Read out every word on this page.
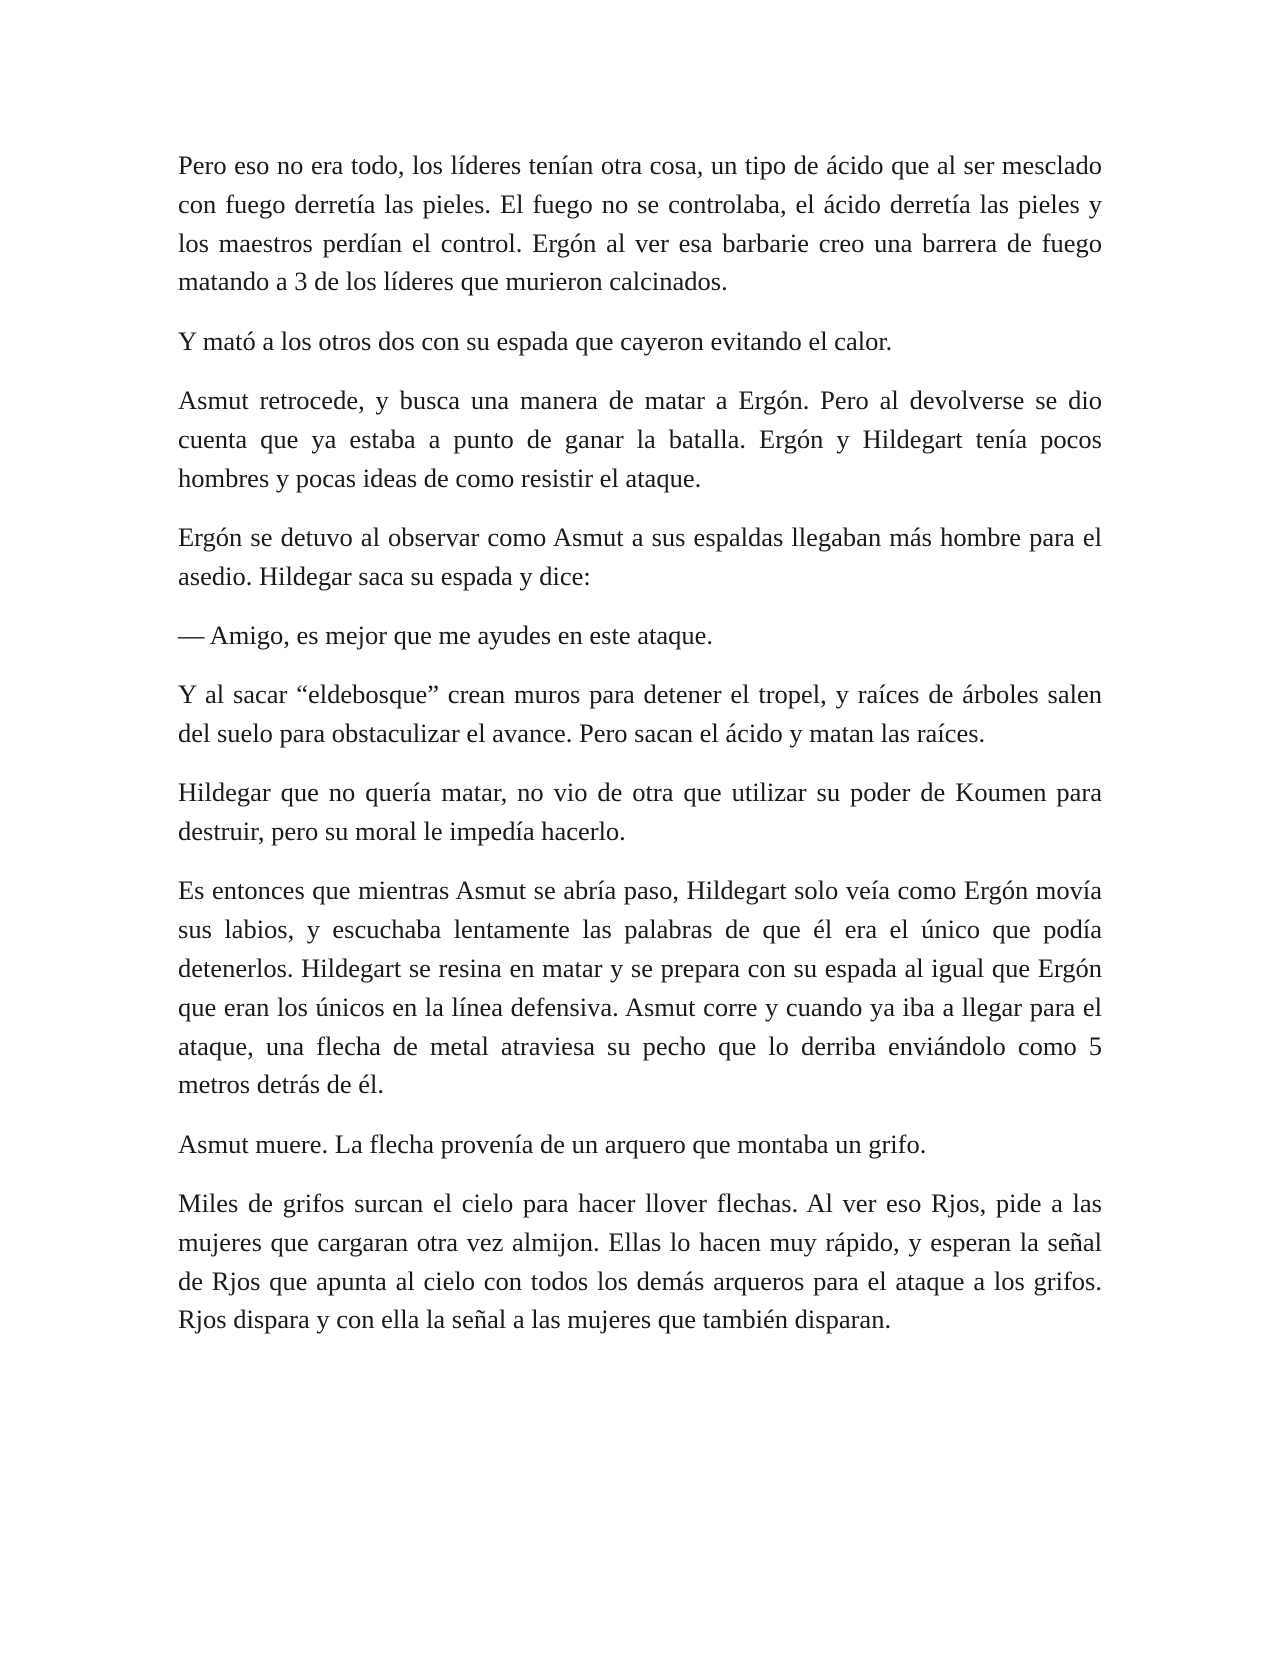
Pero eso no era todo, los líderes tenían otra cosa, un tipo de ácido que al ser mesclado con fuego derretía las pieles. El fuego no se controlaba, el ácido derretía las pieles y los maestros perdían el control. Ergón al ver esa barbarie creo una barrera de fuego matando a 3 de los líderes que murieron calcinados.

Y mató a los otros dos con su espada que cayeron evitando el calor.

Asmut retrocede, y busca una manera de matar a Ergón. Pero al devolverse se dio cuenta que ya estaba a punto de ganar la batalla. Ergón y Hildegart tenía pocos hombres y pocas ideas de como resistir el ataque.

Ergón se detuvo al observar como Asmut a sus espaldas llegaban más hombre para el asedio. Hildegar saca su espada y dice:

— Amigo, es mejor que me ayudes en este ataque.

Y al sacar “eldebosque” crean muros para detener el tropel, y raíces de árboles salen del suelo para obstaculizar el avance. Pero sacan el ácido y matan las raíces.

Hildegar que no quería matar, no vio de otra que utilizar su poder de Koumen para destruir, pero su moral le impedía hacerlo.

Es entonces que mientras Asmut se abría paso, Hildegart solo veía como Ergón movía sus labios, y escuchaba lentamente las palabras de que él era el único que podía detenerlos. Hildegart se resina en matar y se prepara con su espada al igual que Ergón que eran los únicos en la línea defensiva. Asmut corre y cuando ya iba a llegar para el ataque, una flecha de metal atraviesa su pecho que lo derriba enviándolo como 5 metros detrás de él.

Asmut muere. La flecha provenía de un arquero que montaba un grifo.

Miles de grifos surcan el cielo para hacer llover flechas. Al ver eso Rjos, pide a las mujeres que cargaran otra vez almijon. Ellas lo hacen muy rápido, y esperan la señal de Rjos que apunta al cielo con todos los demás arqueros para el ataque a los grifos. Rjos dispara y con ella la señal a las mujeres que también disparan.
